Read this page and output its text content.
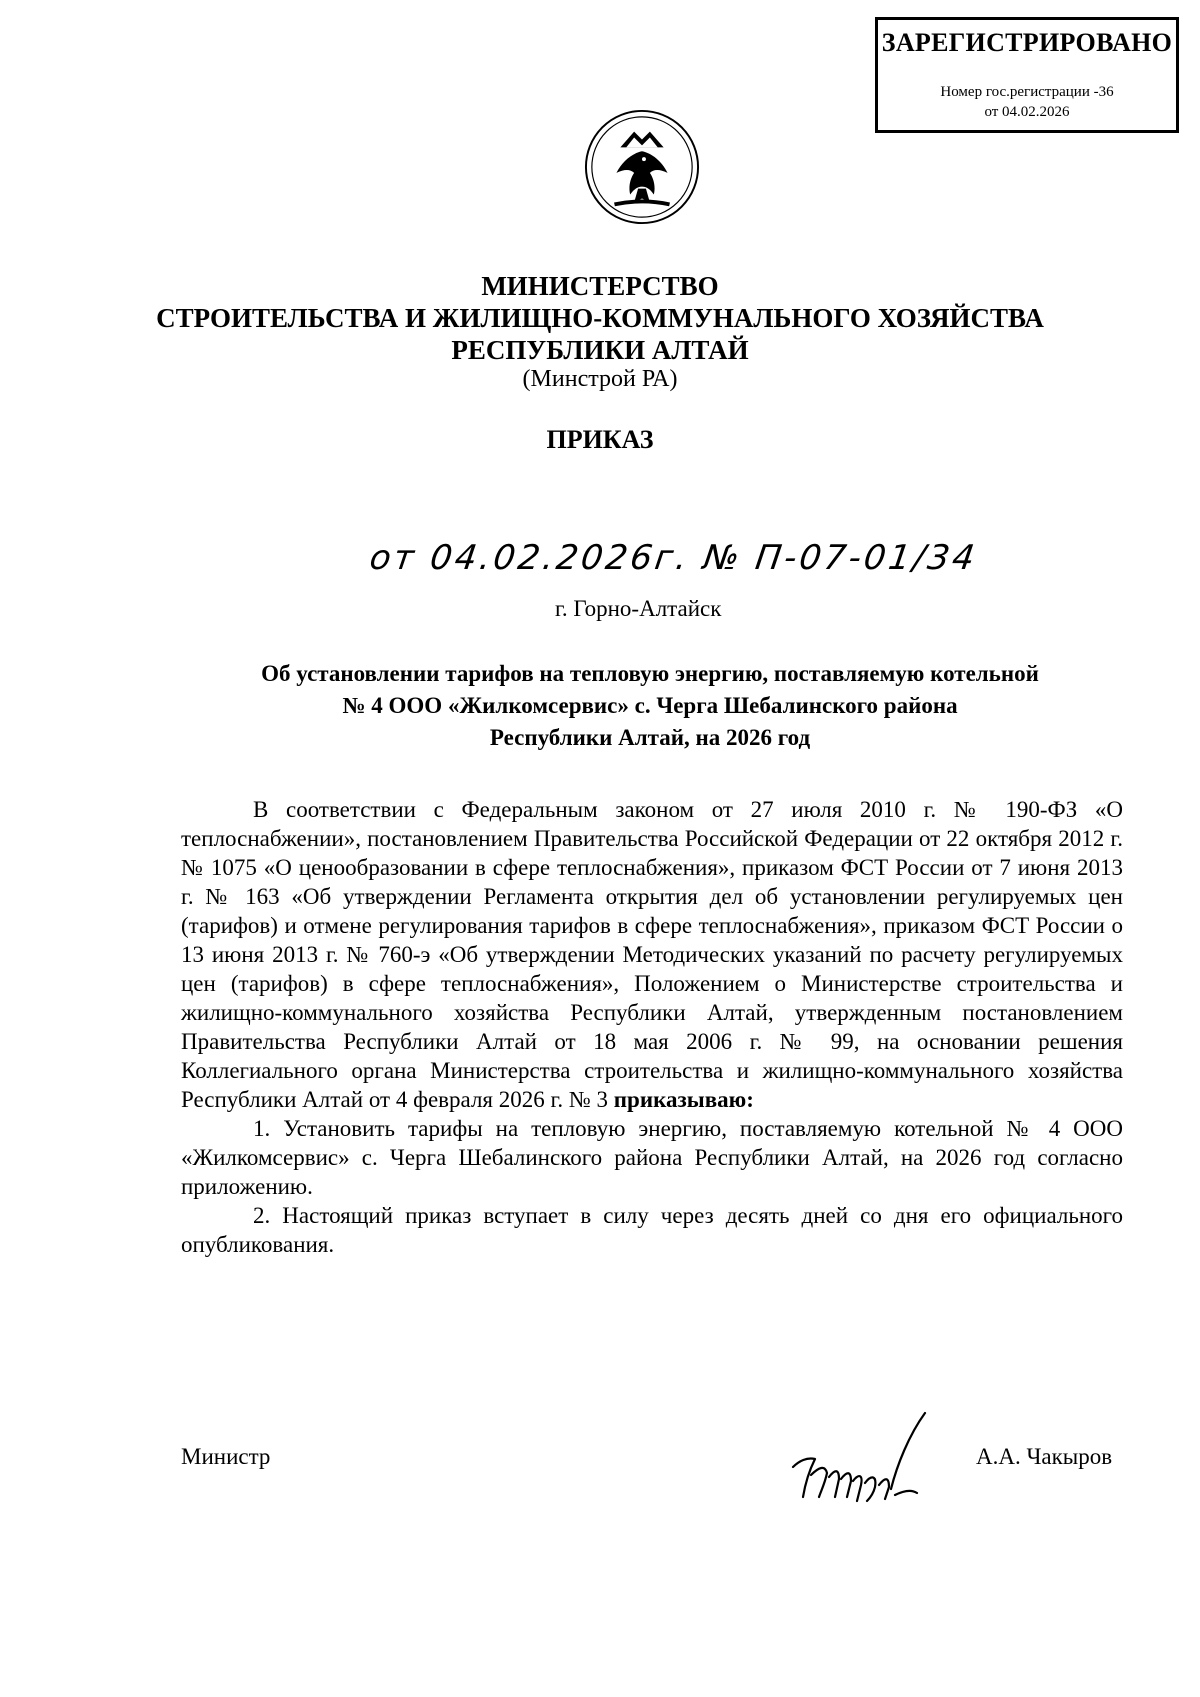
ЗАРЕГИСТРИРОВАНО
Номер гос.регистрации -36
от 04.02.2026
МИНИСТЕРСТВО
СТРОИТЕЛЬСТВА И ЖИЛИЩНО-КОММУНАЛЬНОГО ХОЗЯЙСТВА
РЕСПУБЛИКИ АЛТАЙ
(Минстрой РА)
ПРИКАЗ
от 04.02.2026г. № П-07-01/34
г. Горно-Алтайск
Об установлении тарифов на тепловую энергию, поставляемую котельной
№ 4 ООО «Жилкомсервис» с. Черга Шебалинского района
Республики Алтай, на 2026 год

В соответствии с Федеральным законом от 27 июля 2010 г. № 190-ФЗ «О теплоснабжении», постановлением Правительства Российской Федерации от 22 октября 2012 г. № 1075 «О ценообразовании в сфере теплоснабжения», приказом ФСТ России от 7 июня 2013 г. № 163 «Об утверждении Регламента открытия дел об установлении регулируемых цен (тарифов) и отмене регулирования тарифов в сфере теплоснабжения», приказом ФСТ России о 13 июня 2013 г. № 760-э «Об утверждении Методических указаний по расчету регулируемых цен (тарифов) в сфере теплоснабжения», Положением о Министерстве строительства и жилищно-коммунального хозяйства Республики Алтай, утвержденным постановлением Правительства Республики Алтай от 18 мая 2006 г. № 99, на основании решения Коллегиального органа Министерства строительства и жилищно-коммунального хозяйства Республики Алтай от 4 февраля 2026 г. № 3 приказываю:

1. Установить тарифы на тепловую энергию, поставляемую котельной № 4 ООО «Жилкомсервис» с. Черга Шебалинского района Республики Алтай, на 2026 год согласно приложению.

2. Настоящий приказ вступает в силу через десять дней со дня его официального опубликования.

Министр	А.А. Чакыров
